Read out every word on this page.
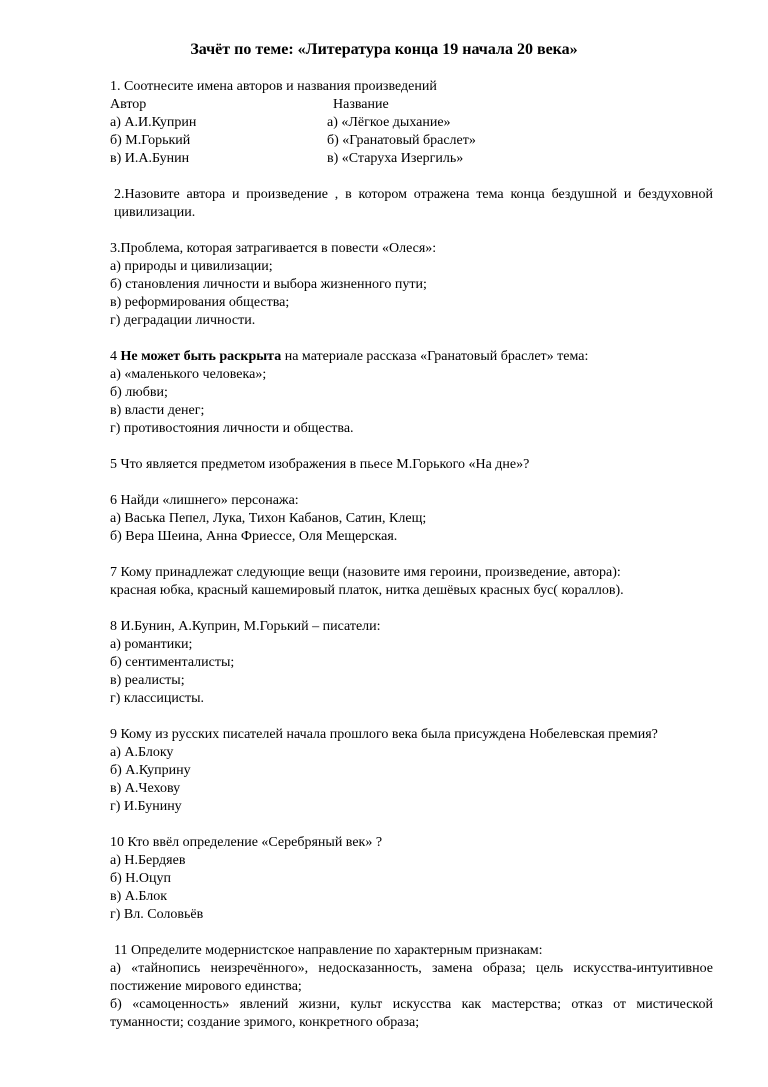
Зачёт по теме: «Литература конца 19 начала 20 века»
1. Соотнесите имена авторов и названия произведений
Автор	Название
а) А.И.Куприн	а) «Лёгкое дыхание»
б) М.Горький	б) «Гранатовый браслет»
в) И.А.Бунин	в) «Старуха Изергиль»
2.Назовите автора и произведение , в котором отражена тема конца бездушной и бездуховной цивилизации.
3.Проблема, которая затрагивается в повести «Олеся»:
а) природы и цивилизации;
б) становления личности и выбора жизненного пути;
в) реформирования общества;
г) деградации личности.
4 Не может быть раскрыта на материале рассказа «Гранатовый браслет» тема:
а) «маленького человека»;
б) любви;
в) власти денег;
г) противостояния личности и общества.
5 Что является предметом изображения в пьесе М.Горького «На дне»?
6 Найди «лишнего» персонажа:
а) Васька Пепел, Лука, Тихон Кабанов, Сатин, Клещ;
б) Вера Шеина, Анна Фриессе, Оля Мещерская.
7 Кому принадлежат следующие вещи (назовите имя героини, произведение, автора):
красная юбка, красный кашемировый платок, нитка дешёвых красных бус( кораллов).
8 И.Бунин, А.Куприн, М.Горький – писатели:
а) романтики;
б) сентименталисты;
в) реалисты;
г) классицисты.
9 Кому из русских писателей начала прошлого века была присуждена Нобелевская премия?
а) А.Блоку
б) А.Куприну
в) А.Чехову
г) И.Бунину
10 Кто ввёл определение «Серебряный век» ?
а) Н.Бердяев
б) Н.Оцуп
в) А.Блок
г) Вл. Соловьёв
11 Определите модернистское направление по характерным признакам:
а) «тайнопись неизречённого», недосказанность, замена образа; цель искусства-интуитивное постижение мирового единства;
б) «самоценность» явлений жизни, культ искусства как мастерства; отказ от мистической туманности; создание зримого, конкретного образа;
